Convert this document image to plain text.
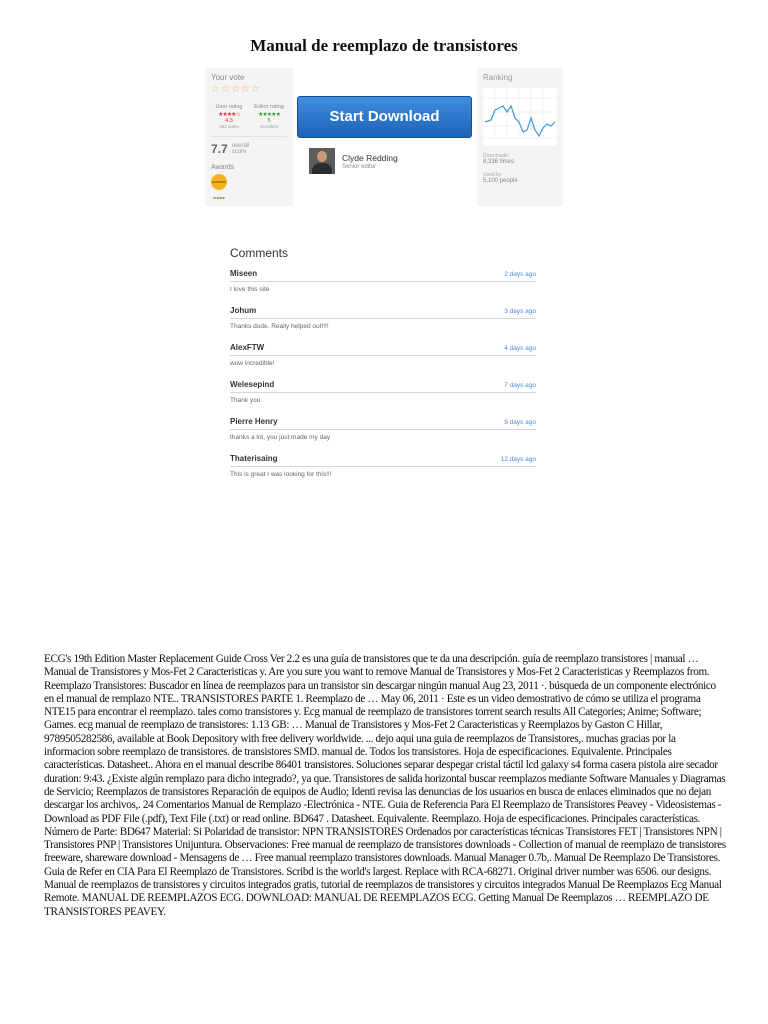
Manual de reemplazo de transistores
Your vote
☆ ☆ ☆ ☆ ☆
User rating
★★★★☆
4.3
482 votes
Editor rating
★★★★★
5
excellent
7.7 overall
score
Awards
EDITORS CHOICE
Start Download
Clyde Redding
Senior editor
Ranking
Downloads:
8,336 times
Used by:
5,100 people
Comments
Miseen	2 days ago
I love this site
Johum	3 days ago
Thanks dude. Really helped out!!!!
AlexFTW	4 days ago
wow incredible!
Welesepind	7 days ago
Thank you
Pierre Henry	9 days ago
thanks a lot, you just made my day
Thaterisaing	12 days ago
This is great I was looking for this!!!

ECG's 19th Edition Master Replacement Guide Cross Ver 2.2 es una guía de transistores que te da una descripción. guía de reemplazo transistores | manual … Manual de Transistores y Mos-Fet 2 Caracteristicas y. Are you sure you want to remove Manual de Transistores y Mos-Fet 2 Caracteristicas y Reemplazos from. Reemplazo Transistores: Buscador en línea de reemplazos para un transistor sin descargar ningún manual Aug 23, 2011 ·. búsqueda de un componente electrónico en el manual de remplazo NTE.. TRANSISTORES PARTE 1. Reemplazo de … May 06, 2011 · Este es un video demostrativo de cómo se utiliza el programa NTE15 para encontrar el reemplazo. tales como transistores y. Ecg manual de reemplazo de transistores torrent search results All Categories; Anime; Software; Games. ecg manual de reemplazo de transistores: 1.13 GB: … Manual de Transistores y Mos-Fet 2 Caracteristicas y Reemplazos by Gaston C Hillar, 9789505282586, available at Book Depository with free delivery worldwide. ... dejo aqui una guia de reemplazos de Transistores,. muchas gracias por la informacion sobre reemplazo de transistores. de transistores SMD. manual de. Todos los transistores. Hoja de especificaciones. Equivalente. Principales características. Datasheet.. Ahora en el manual describe 86401 transistores. Soluciones separar despegar cristal táctil lcd galaxy s4 forma casera pistola aire secador duration: 9:43. ¿Existe algún remplazo para dicho integrado?, ya que. Transistores de salida horizontal buscar reemplazos mediante Software Manuales y Diagramas de Servicio; Reemplazos de transistores Reparación de equipos de Audio; Identi revisa las denuncias de los usuarios en busca de enlaces eliminados que no dejan descargar los archivos,. 24 Comentarios Manual de Remplazo -Electrónica - NTE. Guia de Referencia Para El Reemplazo de Transistores Peavey - Videosistemas - Download as PDF File (.pdf), Text File (.txt) or read online. BD647 . Datasheet. Equivalente. Reemplazo. Hoja de especificaciones. Principales características. Número de Parte: BD647 Material: Si Polaridad de transistor: NPN TRANSISTORES Ordenados por características técnicas Transistores FET | Transistores NPN | Transistores PNP | Transistores Unijuntura. Observaciones: Free manual de reemplazo de transistores downloads - Collection of manual de reemplazo de transistores freeware, shareware download - Mensagens de … Free manual reemplazo transistores downloads. Manual Manager 0.7b,. Manual De Reemplazo De Transistores. Guia de Refer en CIA Para El Reemplazo de Transistores. Scribd is the world's largest. Replace with RCA-68271. Original driver number was 6506. our designs. Manual de reemplazos de transistores y circuitos integrados gratis, tutorial de reemplazos de transistores y circuitos integrados Manual De Reemplazos Ecg Manual Remote. MANUAL DE REEMPLAZOS ECG. DOWNLOAD: MANUAL DE REEMPLAZOS ECG. Getting Manual De Reemplazos … REEMPLAZO DE TRANSISTORES PEAVEY.
